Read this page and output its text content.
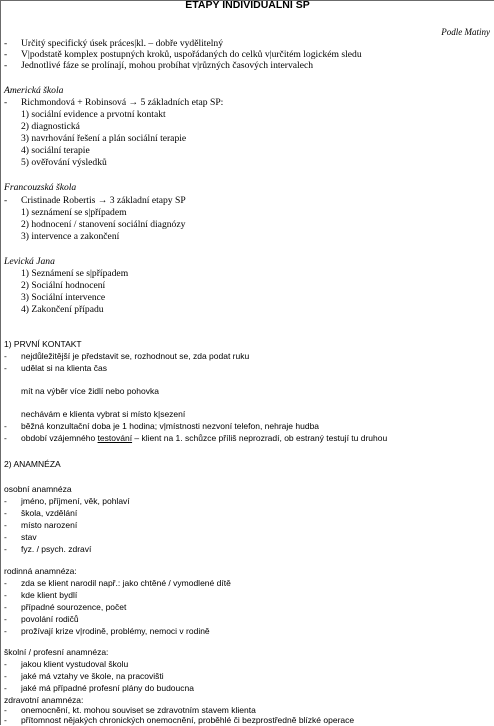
ETAPY INDIVIDUÁLNÍ SP
Podle Matiny
- Určitý specifický úsek práces|kl. – dobře vydělitelný
- V|podstatě komplex postupných kroků, uspořádaných do celků v|určitém logickém sledu
- Jednotlivé fáze se prolínají, mohou probíhat v|různých časových intervalech
Americká škola
- Richmondová + Robinsová → 5 základních etap SP:
1) sociální evidence a prvotní kontakt
2) diagnostická
3) navrhování řešení a plán sociální terapie
4) sociální terapie
5) ověřování výsledků
Francouzská škola
- Cristinade Robertis → 3 základní etapy SP
1) seznámení se s|případem
2) hodnocení / stanovení sociální diagnózy
3) intervence a zakončení
Levická Jana
1) Seznámení se s|případem
2) Sociální hodnocení
3) Sociální intervence
4) Zakončení případu
1) PRVNÍ KONTAKT
- nejdůležitější je představit se, rozhodnout se, zda podat ruku
- udělat si na klienta čas
mít na výběr více židlí nebo pohovka
nechávám e klienta vybrat si místo k|sezení
- běžná konzultační doba je 1 hodina; v|místnosti nezvoní telefon, nehraje hudba
- období vzájemného testování – klient na 1. schůzce příliš neprozradí, ob estraný testují tu druhou
2) ANAMNÉZA
osobní anamnéza
- jméno, příjmení, věk, pohlaví
- škola, vzdělání
- místo narození
- stav
- fyz. / psych. zdraví
rodinná anamnéza:
- zda se klient narodil např.: jako chtěné / vymodlené dítě
- kde klient bydlí
- případné sourozence, počet
- povolání rodičů
- prožívají krize v|rodině, problémy, nemoci v rodině
školní / profesní anamnéza:
- jakou klient vystudoval školu
- jaké má vztahy ve škole, na pracovišti
- jaké má případné profesní plány do budoucna
zdravotní anamnéza:
- onemocnění, kt. mohou souviset se zdravotním stavem klienta
- přítomnost nějakých chronických onemocnění, proběhlé či bezprostředně blízké operace
